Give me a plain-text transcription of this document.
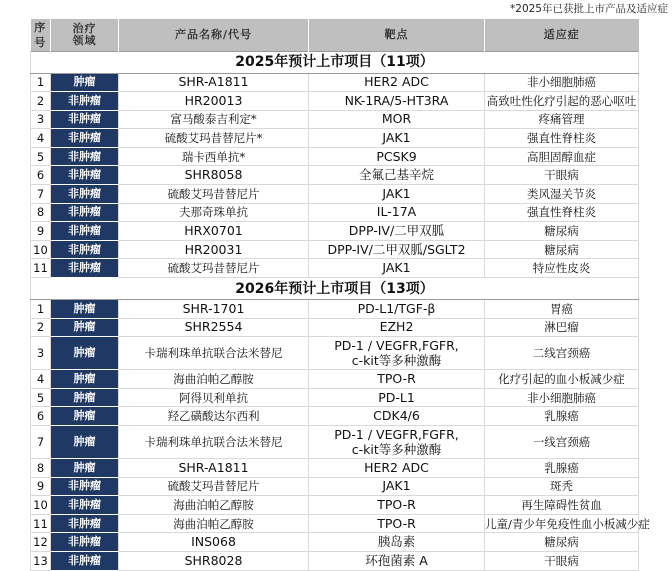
*2025年已获批上市产品及适应症
序号	治疗领域	产品名称/代号	靶点	适应症
2025年预计上市项目（11项）				
1	肿瘤	SHR-A1811	HER2 ADC	非小细胞肺癌
2	非肿瘤	HR20013	NK-1RA/5-HT3RA	高致吐性化疗引起的恶心呕吐
3	非肿瘤	富马酸泰吉利定*	MOR	疼痛管理
4	非肿瘤	硫酸艾玛昔替尼片*	JAK1	强直性脊柱炎
5	非肿瘤	瑞卡西单抗*	PCSK9	高胆固醇血症
6	非肿瘤	SHR8058	全氟己基辛烷	干眼病
7	非肿瘤	硫酸艾玛昔替尼片	JAK1	类风湿关节炎
8	非肿瘤	夫那奇珠单抗	IL-17A	强直性脊柱炎
9	非肿瘤	HRX0701	DPP-IV/二甲双胍	糖尿病
10	非肿瘤	HR20031	DPP-IV/二甲双胍/SGLT2	糖尿病
11	非肿瘤	硫酸艾玛昔替尼片	JAK1	特应性皮炎
2026年预计上市项目（13项）				
1	肿瘤	SHR-1701	PD-L1/TGF-β	胃癌
2	肿瘤	SHR2554	EZH2	淋巴瘤
3	肿瘤	卡瑞利珠单抗联合法米替尼	PD-1 / VEGFR,FGFR,
c-kit等多种激酶	二线宫颈癌
4	肿瘤	海曲泊帕乙醇胺	TPO-R	化疗引起的血小板减少症
5	肿瘤	阿得贝利单抗	PD-L1	非小细胞肺癌
6	肿瘤	羟乙磺酸达尔西利	CDK4/6	乳腺癌
7	肿瘤	卡瑞利珠单抗联合法米替尼	PD-1 / VEGFR,FGFR,
c-kit等多种激酶	一线宫颈癌
8	肿瘤	SHR-A1811	HER2 ADC	乳腺癌
9	非肿瘤	硫酸艾玛昔替尼片	JAK1	斑秃
10	非肿瘤	海曲泊帕乙醇胺	TPO-R	再生障碍性贫血
11	非肿瘤	海曲泊帕乙醇胺	TPO-R	儿童/青少年免疫性血小板减少症
12	非肿瘤	INS068	胰岛素	糖尿病
13	非肿瘤	SHR8028	环孢菌素 A	干眼病
